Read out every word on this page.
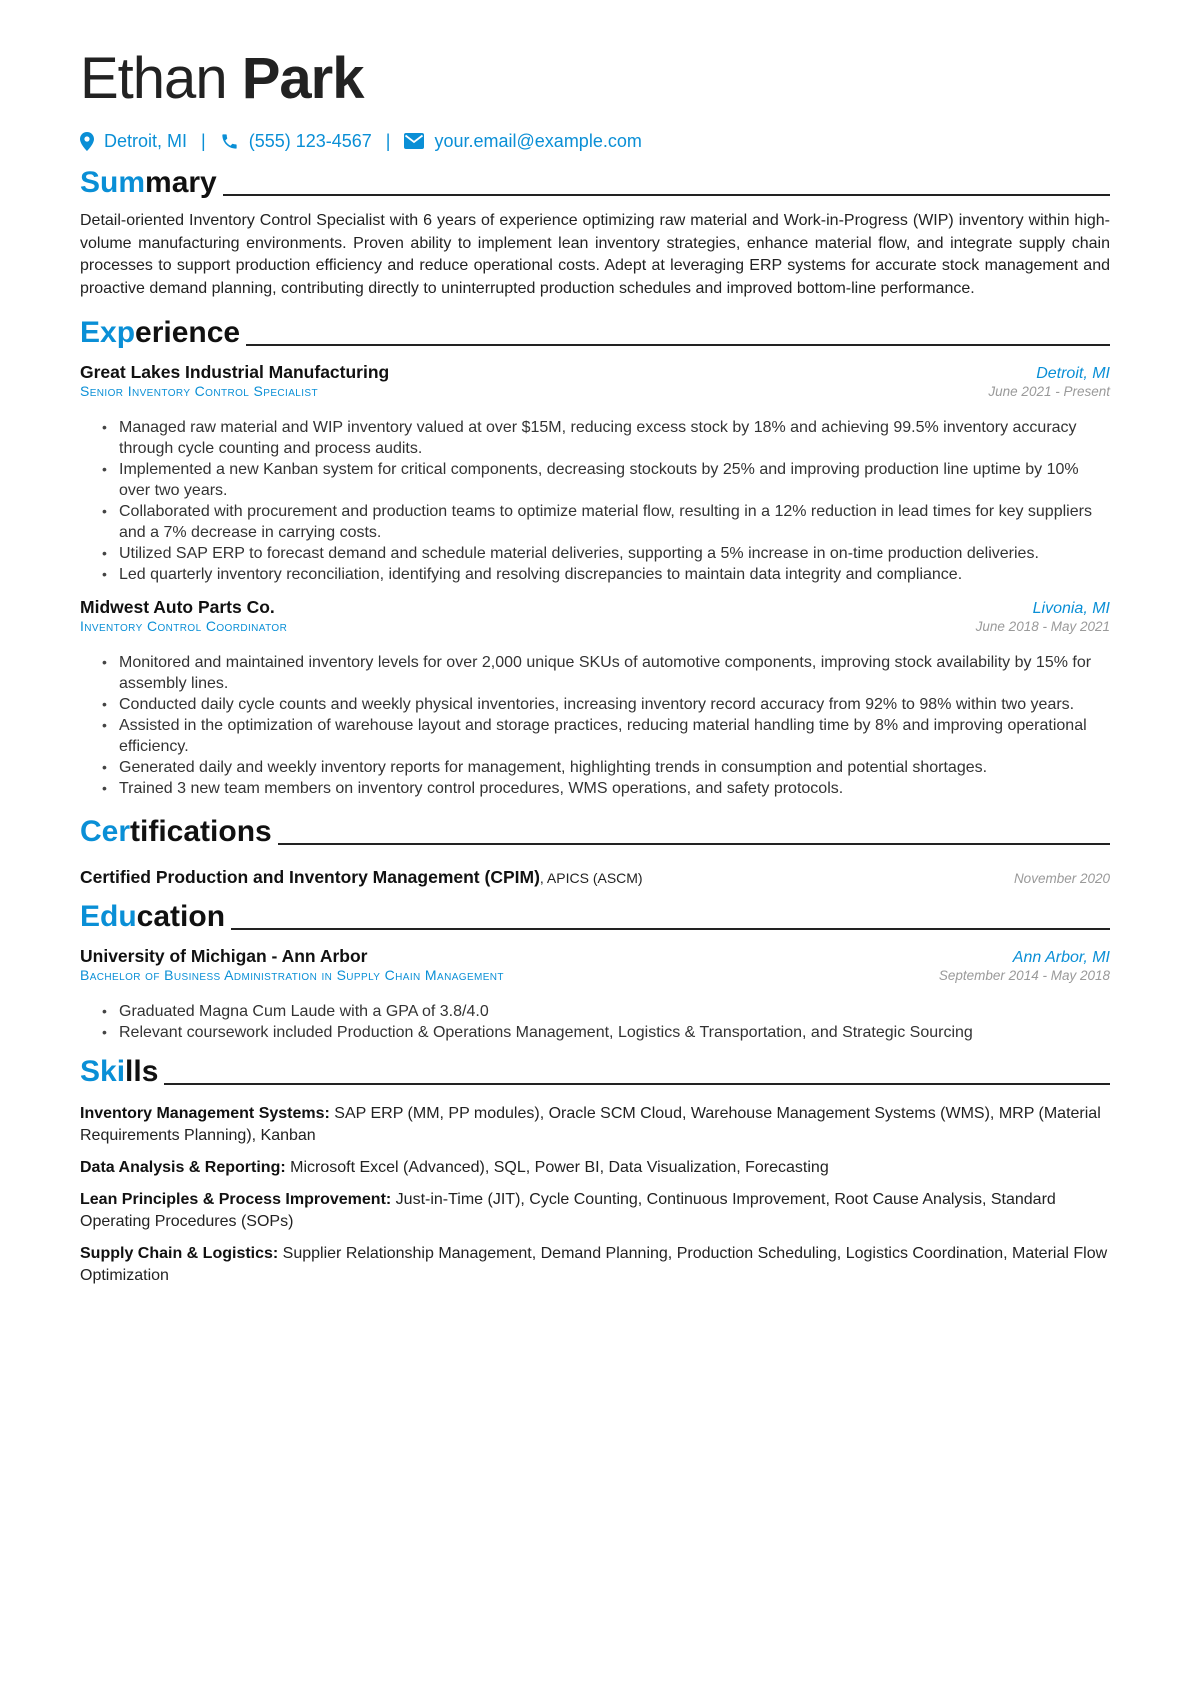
Ethan Park
Detroit, MI | (555) 123-4567 | your.email@example.com
Summary

Detail-oriented Inventory Control Specialist with 6 years of experience optimizing raw material and Work-in-Progress (WIP) inventory within high-volume manufacturing environments. Proven ability to implement lean inventory strategies, enhance material flow, and integrate supply chain processes to support production efficiency and reduce operational costs. Adept at leveraging ERP systems for accurate stock management and proactive demand planning, contributing directly to uninterrupted production schedules and improved bottom-line performance.

Experience
Great Lakes Industrial Manufacturing	Detroit, MI
Senior Inventory Control Specialist	June 2021 - Present
• Managed raw material and WIP inventory valued at over $15M, reducing excess stock by 18% and achieving 99.5% inventory accuracy through cycle counting and process audits.
• Implemented a new Kanban system for critical components, decreasing stockouts by 25% and improving production line uptime by 10% over two years.
• Collaborated with procurement and production teams to optimize material flow, resulting in a 12% reduction in lead times for key suppliers and a 7% decrease in carrying costs.
• Utilized SAP ERP to forecast demand and schedule material deliveries, supporting a 5% increase in on-time production deliveries.
• Led quarterly inventory reconciliation, identifying and resolving discrepancies to maintain data integrity and compliance.
Midwest Auto Parts Co.	Livonia, MI
Inventory Control Coordinator	June 2018 - May 2021
• Monitored and maintained inventory levels for over 2,000 unique SKUs of automotive components, improving stock availability by 15% for assembly lines.
• Conducted daily cycle counts and weekly physical inventories, increasing inventory record accuracy from 92% to 98% within two years.
• Assisted in the optimization of warehouse layout and storage practices, reducing material handling time by 8% and improving operational efficiency.
• Generated daily and weekly inventory reports for management, highlighting trends in consumption and potential shortages.
• Trained 3 new team members on inventory control procedures, WMS operations, and safety protocols.
Certifications
Certified Production and Inventory Management (CPIM), APICS (ASCM)	November 2020
Education
University of Michigan - Ann Arbor	Ann Arbor, MI
Bachelor of Business Administration in Supply Chain Management	September 2014 - May 2018
• Graduated Magna Cum Laude with a GPA of 3.8/4.0
• Relevant coursework included Production & Operations Management, Logistics & Transportation, and Strategic Sourcing
Skills

Inventory Management Systems: SAP ERP (MM, PP modules), Oracle SCM Cloud, Warehouse Management Systems (WMS), MRP (Material Requirements Planning), Kanban

Data Analysis & Reporting: Microsoft Excel (Advanced), SQL, Power BI, Data Visualization, Forecasting

Lean Principles & Process Improvement: Just-in-Time (JIT), Cycle Counting, Continuous Improvement, Root Cause Analysis, Standard Operating Procedures (SOPs)

Supply Chain & Logistics: Supplier Relationship Management, Demand Planning, Production Scheduling, Logistics Coordination, Material Flow Optimization
